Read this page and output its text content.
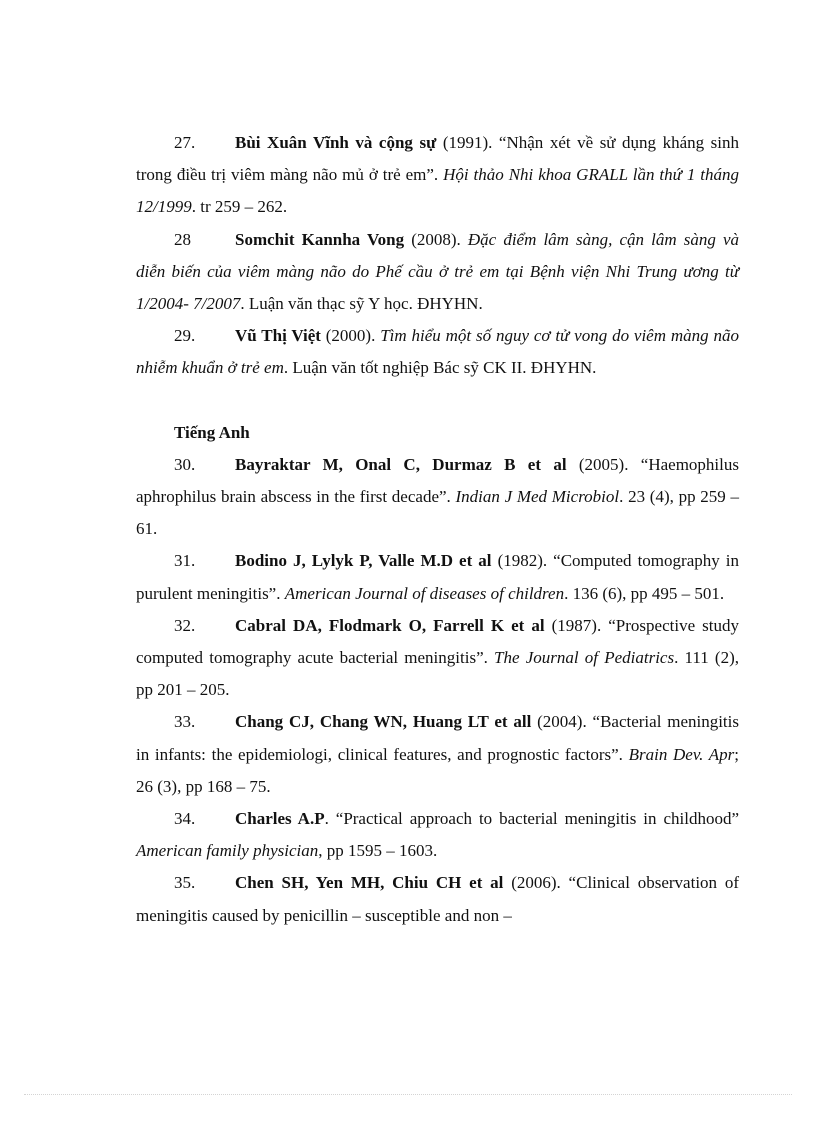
27. Bùi Xuân Vĩnh và cộng sự (1991). “Nhận xét về sử dụng kháng sinh trong điều trị viêm màng não mủ ở trẻ em”. Hội thảo Nhi khoa GRALL lần thứ 1 tháng 12/1999. tr 259 – 262.

28	Somchit Kannha Vong (2008). Đặc điểm lâm sàng, cận lâm sàng và diễn biến của viêm màng não do Phế cầu ở trẻ em tại Bệnh viện Nhi Trung ương từ 1/2004- 7/2007. Luận văn thạc sỹ Y học. ĐHYHN.

29. Vũ Thị Việt (2000). Tìm hiểu một số nguy cơ tử vong do viêm màng não nhiễm khuẩn ở trẻ em. Luận văn tốt nghiệp Bác sỹ CK II. ĐHYHN.

Tiếng Anh

30. Bayraktar M, Onal C, Durmaz B et al (2005). “Haemophilus aphrophilus brain abscess in the first decade”. Indian J Med Microbiol. 23 (4), pp 259 – 61.

31. Bodino J, Lylyk P, Valle M.D et al (1982). “Computed tomography in purulent meningitis”. American Journal of diseases of children. 136 (6), pp 495 – 501.

32. Cabral DA, Flodmark O, Farrell K et al (1987). “Prospective study computed tomography acute bacterial meningitis”. The Journal of Pediatrics. 111 (2), pp 201 – 205.

33. Chang CJ, Chang WN, Huang LT et all (2004). “Bacterial meningitis in infants: the epidemiologi, clinical features, and prognostic factors”. Brain Dev. Apr; 26 (3), pp 168 – 75.

34. Charles A.P. “Practical approach to bacterial meningitis in childhood” American family physician, pp 1595 – 1603.

35. Chen SH, Yen MH, Chiu CH et al (2006). “Clinical observation of meningitis caused by penicillin – susceptible and non –
